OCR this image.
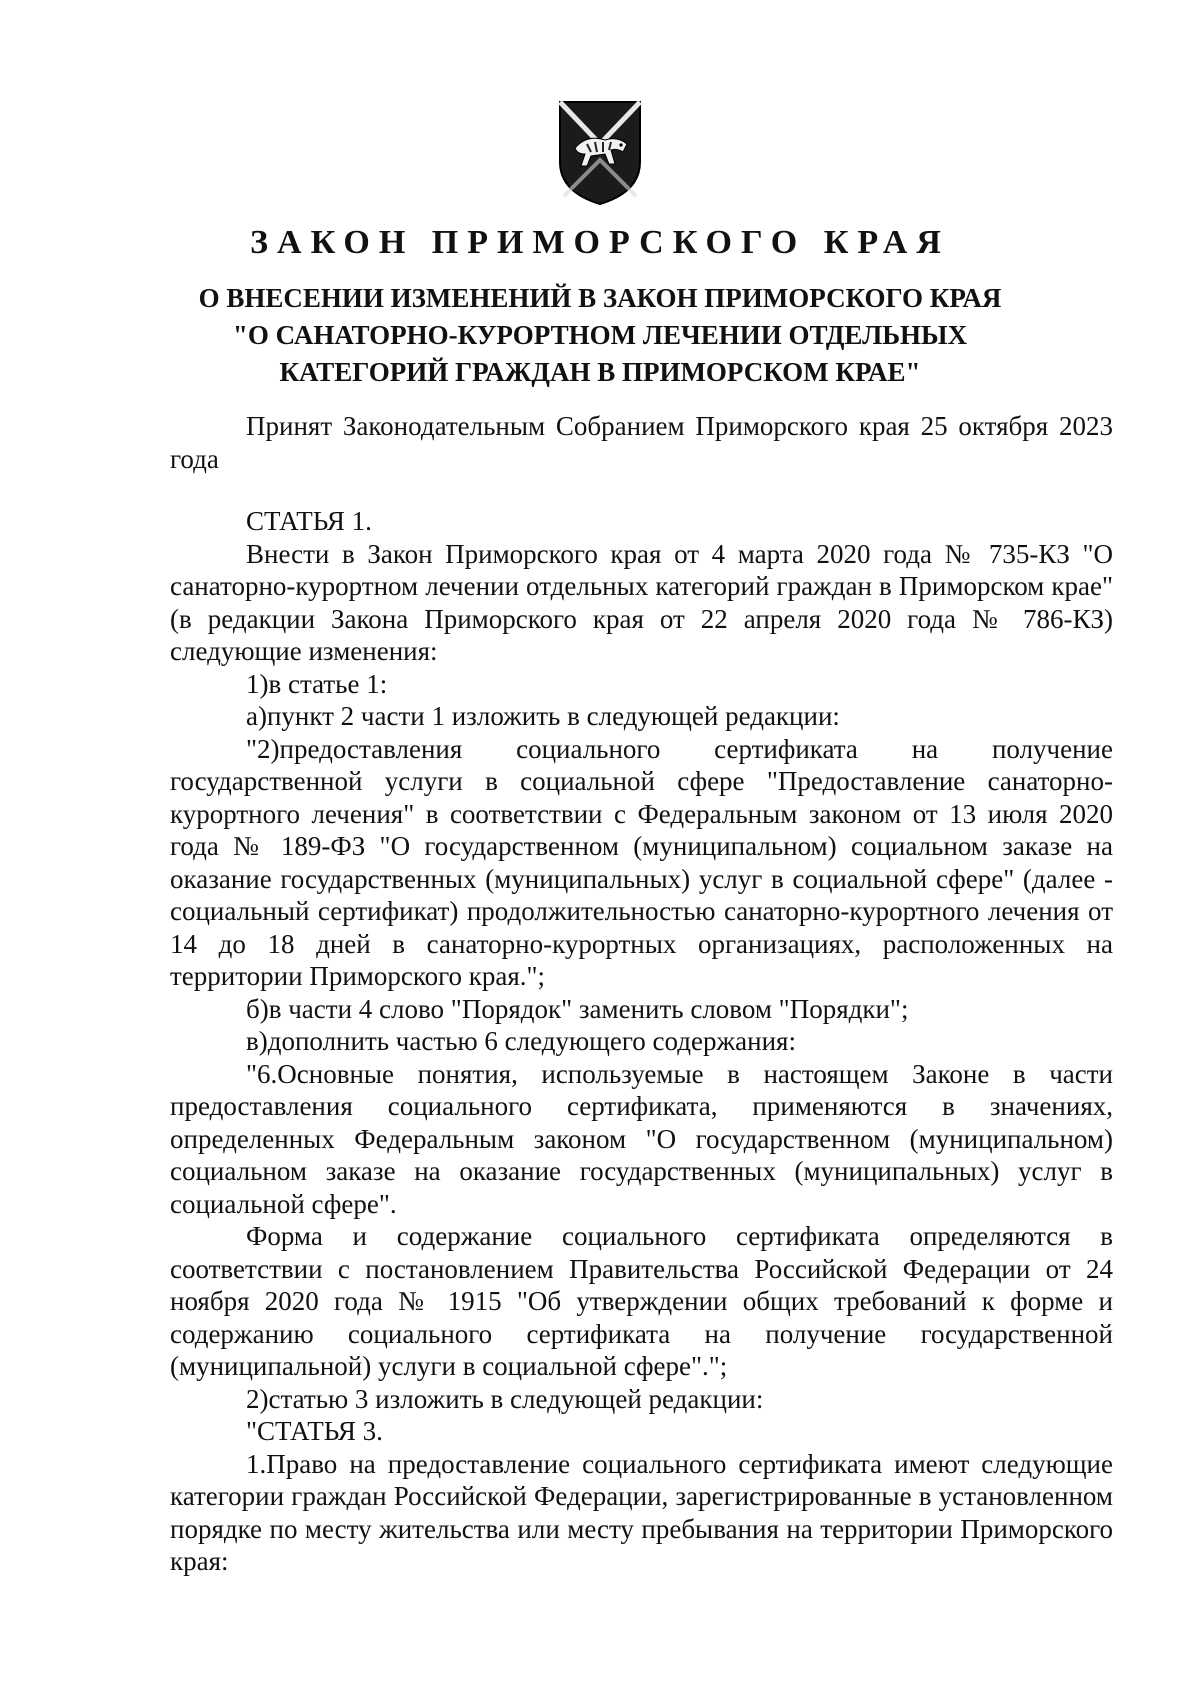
ЗАКОН ПРИМОРСКОГО КРАЯ
О ВНЕСЕНИИ ИЗМЕНЕНИЙ В ЗАКОН ПРИМОРСКОГО КРАЯ
"О САНАТОРНО-КУРОРТНОМ ЛЕЧЕНИИ ОТДЕЛЬНЫХ
КАТЕГОРИЙ ГРАЖДАН В ПРИМОРСКОМ КРАЕ"

Принят Законодательным Собранием Приморского края 25 октября 2023 года

СТАТЬЯ 1.

Внести в Закон Приморского края от 4 марта 2020 года № 735-КЗ "О санаторно-курортном лечении отдельных категорий граждан в Приморском крае" (в редакции Закона Приморского края от 22 апреля 2020 года № 786-КЗ) следующие изменения:

1)в статье 1:

а)пункт 2 части 1 изложить в следующей редакции:

"2)предоставления социального сертификата на получение государственной услуги в социальной сфере "Предоставление санаторно-курортного лечения" в соответствии с Федеральным законом от 13 июля 2020 года № 189-ФЗ "О государственном (муниципальном) социальном заказе на оказание государственных (муниципальных) услуг в социальной сфере" (далее - социальный сертификат) продолжительностью санаторно-курортного лечения от 14 до 18 дней в санаторно-курортных организациях, расположенных на территории Приморского края.";

б)в части 4 слово "Порядок" заменить словом "Порядки";

в)дополнить частью 6 следующего содержания:

"6.Основные понятия, используемые в настоящем Законе в части предоставления социального сертификата, применяются в значениях, определенных Федеральным законом "О государственном (муниципальном) социальном заказе на оказание государственных (муниципальных) услуг в социальной сфере".

Форма и содержание социального сертификата определяются в соответствии с постановлением Правительства Российской Федерации от 24 ноября 2020 года № 1915 "Об утверждении общих требований к форме и содержанию социального сертификата на получение государственной (муниципальной) услуги в социальной сфере".";

2)статью 3 изложить в следующей редакции:

"СТАТЬЯ 3.

1.Право на предоставление социального сертификата имеют следующие категории граждан Российской Федерации, зарегистрированные в установленном порядке по месту жительства или месту пребывания на территории Приморского края:
